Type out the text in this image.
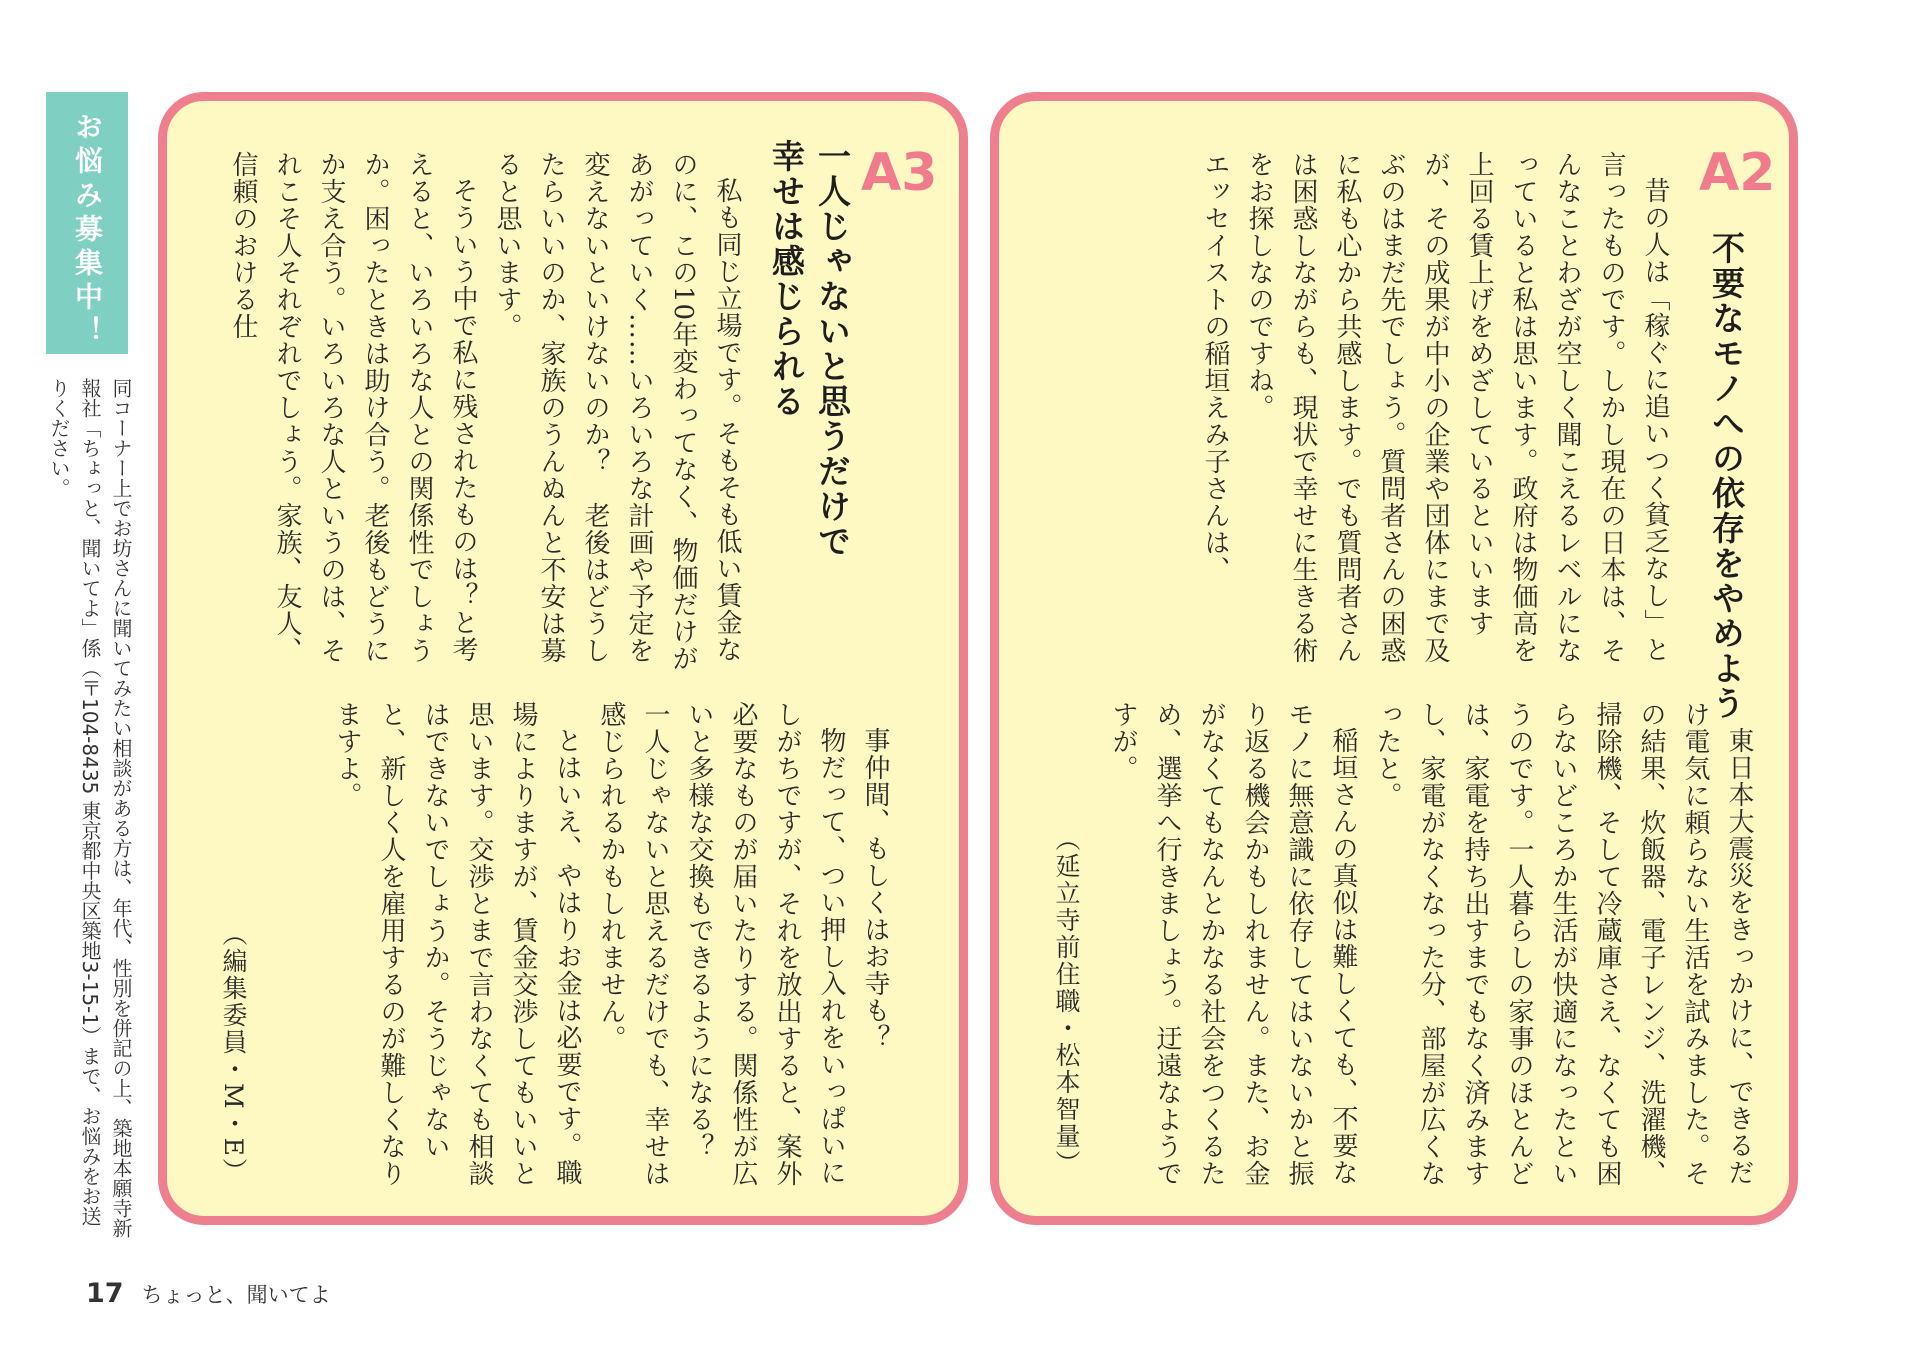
お悩み募集中！
同コーナー上でお坊さんに聞いてみたい相談がある方は、年代、性別を併記の上、築地本願寺新報社「ちょっと、聞いてよ」係（〒104-8435 東京都中央区築地3-15-1）まで、お悩みをお送りください。
A2
不要なモノへの依存をやめよう

昔の人は「稼ぐに追いつく貧乏なし」と言ったものです。しかし現在の日本は、そんなことわざが空しく聞こえるレベルになっていると私は思います。政府は物価高を上回る賃上げをめざしているといいますが、その成果が中小の企業や団体にまで及ぶのはまだ先でしょう。質問者さんの困惑に私も心から共感します。でも質問者さんは困惑しながらも、現状で幸せに生きる術をお探しなのですね。

エッセイストの稲垣えみ子さんは、

東日本大震災をきっかけに、できるだけ電気に頼らない生活を試みました。その結果、炊飯器、電子レンジ、洗濯機、掃除機、そして冷蔵庫さえ、なくても困らないどころか生活が快適になったというのです。一人暮らしの家事のほとんどは、家電を持ち出すまでもなく済みますし、家電がなくなった分、部屋が広くなったと。

稲垣さんの真似は難しくても、不要なモノに無意識に依存してはいないかと振り返る機会かもしれません。また、お金がなくてもなんとかなる社会をつくるため、選挙へ行きましょう。迂遠なようですが。

（延立寺前住職・松本智量）
A3
一人じゃないと思うだけで幸せは感じられる

私も同じ立場です。そもそも低い賃金なのに、この10年変わってなく、物価だけがあがっていく……いろいろな計画や予定を変えないといけないのか？　老後はどうしたらいいのか、家族のうんぬんと不安は募ると思います。

そういう中で私に残されたものは？と考えると、いろいろな人との関係性でしょうか。困ったときは助け合う。老後もどうにか支え合う。いろいろな人というのは、それこそ人それぞれでしょう。家族、友人、信頼のおける仕

事仲間、もしくはお寺も？

物だって、つい押し入れをいっぱいにしがちですが、それを放出すると、案外必要なものが届いたりする。関係性が広いと多様な交換もできるようになる？　一人じゃないと思えるだけでも、幸せは感じられるかもしれません。

とはいえ、やはりお金は必要です。職場によりますが、賃金交渉してもいいと思います。交渉とまで言わなくても相談はできないでしょうか。そうじゃないと、新しく人を雇用するのが難しくなりますよ。

（編集委員・M・E）
17 ちょっと、聞いてよ
